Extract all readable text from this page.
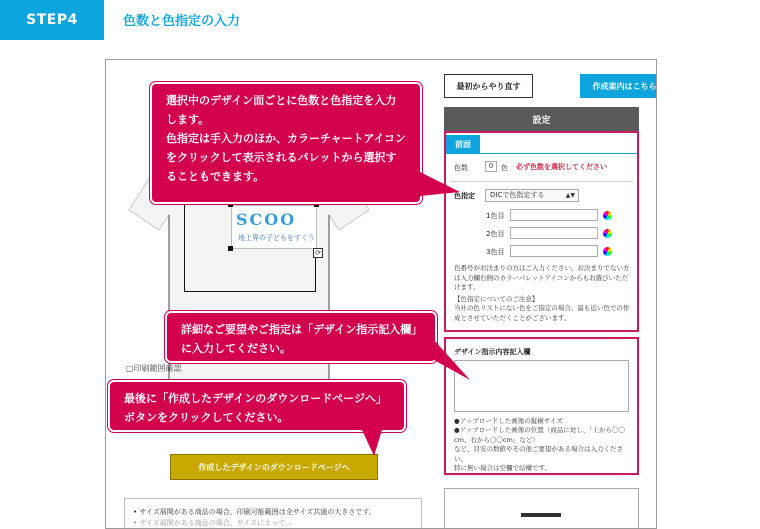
STEP4	色数と色指定の入力
SCOO
地上界の子どもをすくう
⟳
▢印刷範囲確認
作成したデザインのダウンロードページへ
• サイズ展開がある商品の場合、印刷可能範囲は全サイズ共通の大きさです。
• サイズ展開がある商品の場合、サイズによって...
最初からやり直す	作成案内はこちら
設定
前面
色数	0	色 必ず色数を選択してください
色指定	DICで色指定する	▲▼
1色目
2色目
3色目
色番号がお決まりの方はご入力ください。お決まりでない方は入力欄右側のカラーパレットアイコンからもお選びいただけます。
【色指定についてのご注意】
当社の色リストにない色をご指定の場合、最も近い色での作成とさせていただくことがございます。
デザイン指示内容記入欄
●アップロードした画像の縦横サイズ
●アップロードした画像の位置（商品に対し、「上から〇〇cm、右から〇〇cm」など）
など、目安の数値やその他ご要望がある場合は入力ください。
特に無い場合は空欄で結構です。
選択中のデザイン面ごとに色数と色指定を入力します。
色指定は手入力のほか、カラーチャートアイコンをクリックして表示されるパレットから選択することもできます。
詳細なご要望やご指定は「デザイン指示記入欄」に入力してください。
最後に「作成したデザインのダウンロードページへ」ボタンをクリックしてください。
